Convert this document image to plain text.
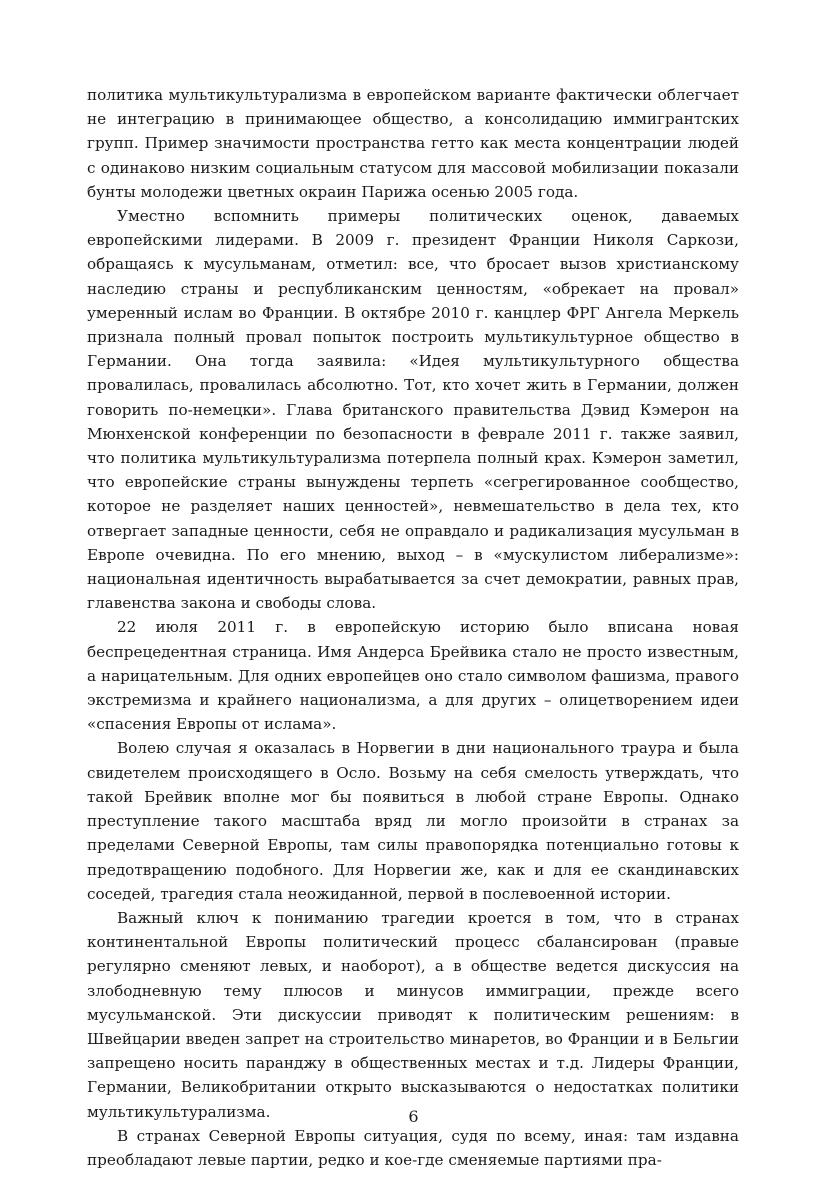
политика мультикультурализма в европейском варианте фактически облегчает не интеграцию в принимающее общество, а консолидацию иммигрантских групп. Пример значимости пространства гетто как места концентрации людей с одинаково низким социальным статусом для массовой мобилизации показали бунты молодежи цветных окраин Парижа осенью 2005 года.

Уместно вспомнить примеры политических оценок, даваемых европейскими лидерами. В 2009 г. президент Франции Николя Саркози, обращаясь к мусульманам, отметил: все, что бросает вызов христианскому наследию страны и республиканским ценностям, «обрекает на провал» умеренный ислам во Франции. В октябре 2010 г. канцлер ФРГ Ангела Меркель признала полный провал попыток построить мультикультурное общество в Германии. Она тогда заявила: «Идея мультикультурного общества провалилась, провалилась абсолютно. Тот, кто хочет жить в Германии, должен говорить по-немецки». Глава британского правительства Дэвид Кэмерон на Мюнхенской конференции по безопасности в феврале 2011 г. также заявил, что политика мультикультурализма потерпела полный крах. Кэмерон заметил, что европейские страны вынуждены терпеть «сегрегированное сообщество, которое не разделяет наших ценностей», невмешательство в дела тех, кто отвергает западные ценности, себя не оправдало и радикализация мусульман в Европе очевидна. По его мнению, выход – в «мускулистом либерализме»: национальная идентичность вырабатывается за счет демократии, равных прав, главенства закона и свободы слова.

22 июля 2011 г. в европейскую историю было вписана новая беспрецедентная страница. Имя Андерса Брейвика стало не просто известным, а нарицательным. Для одних европейцев оно стало символом фашизма, правого экстремизма и крайнего национализма, а для других – олицетворением идеи «спасения Европы от ислама».

Волею случая я оказалась в Норвегии в дни национального траура и была свидетелем происходящего в Осло. Возьму на себя смелость утверждать, что такой Брейвик вполне мог бы появиться в любой стране Европы. Однако преступление такого масштаба вряд ли могло произойти в странах за пределами Северной Европы, там силы правопорядка потенциально готовы к предотвращению подобного. Для Норвегии же, как и для ее скандинавских соседей, трагедия стала неожиданной, первой в послевоенной истории.

Важный ключ к пониманию трагедии кроется в том, что в странах континентальной Европы политический процесс сбалансирован (правые регулярно сменяют левых, и наоборот), а в обществе ведется дискуссия на злободневную тему плюсов и минусов иммиграции, прежде всего мусульманской. Эти дискуссии приводят к политическим решениям: в Швейцарии введен запрет на строительство минаретов, во Франции и в Бельгии запрещено носить паранджу в общественных местах и т.д. Лидеры Франции, Германии, Великобритании открыто высказываются о недостатках политики мультикультурализма.

В странах Северной Европы ситуация, судя по всему, иная: там издавна преобладают левые партии, редко и кое-где сменяемые партиями пра-

6
